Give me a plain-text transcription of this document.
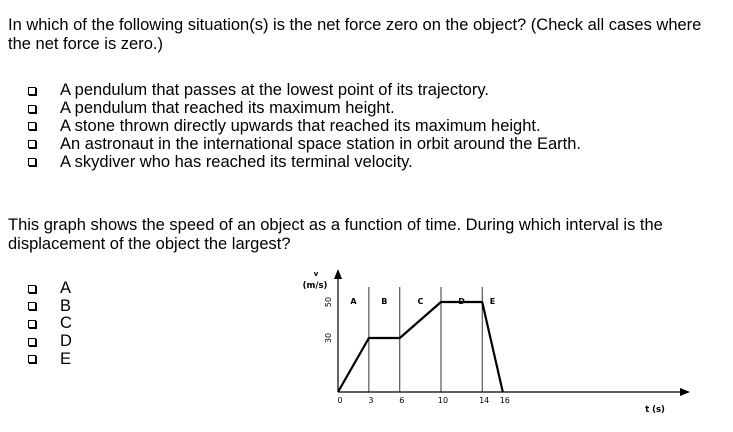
In which of the following situation(s) is the net force zero on the object? (Check all cases where the net force is zero.)
A pendulum that passes at the lowest point of its trajectory.
A pendulum that reached its maximum height.
A stone thrown directly upwards that reached its maximum height.
An astronaut in the international space station in orbit around the Earth.
A skydiver who has reached its terminal velocity.
This graph shows the speed of an object as a function of time. During which interval is the displacement of the object the largest?
A
B
C
D
E
v
(m/s)
t (s)
A	B	C	D	E
30
50
0	3	6	10	14 16
